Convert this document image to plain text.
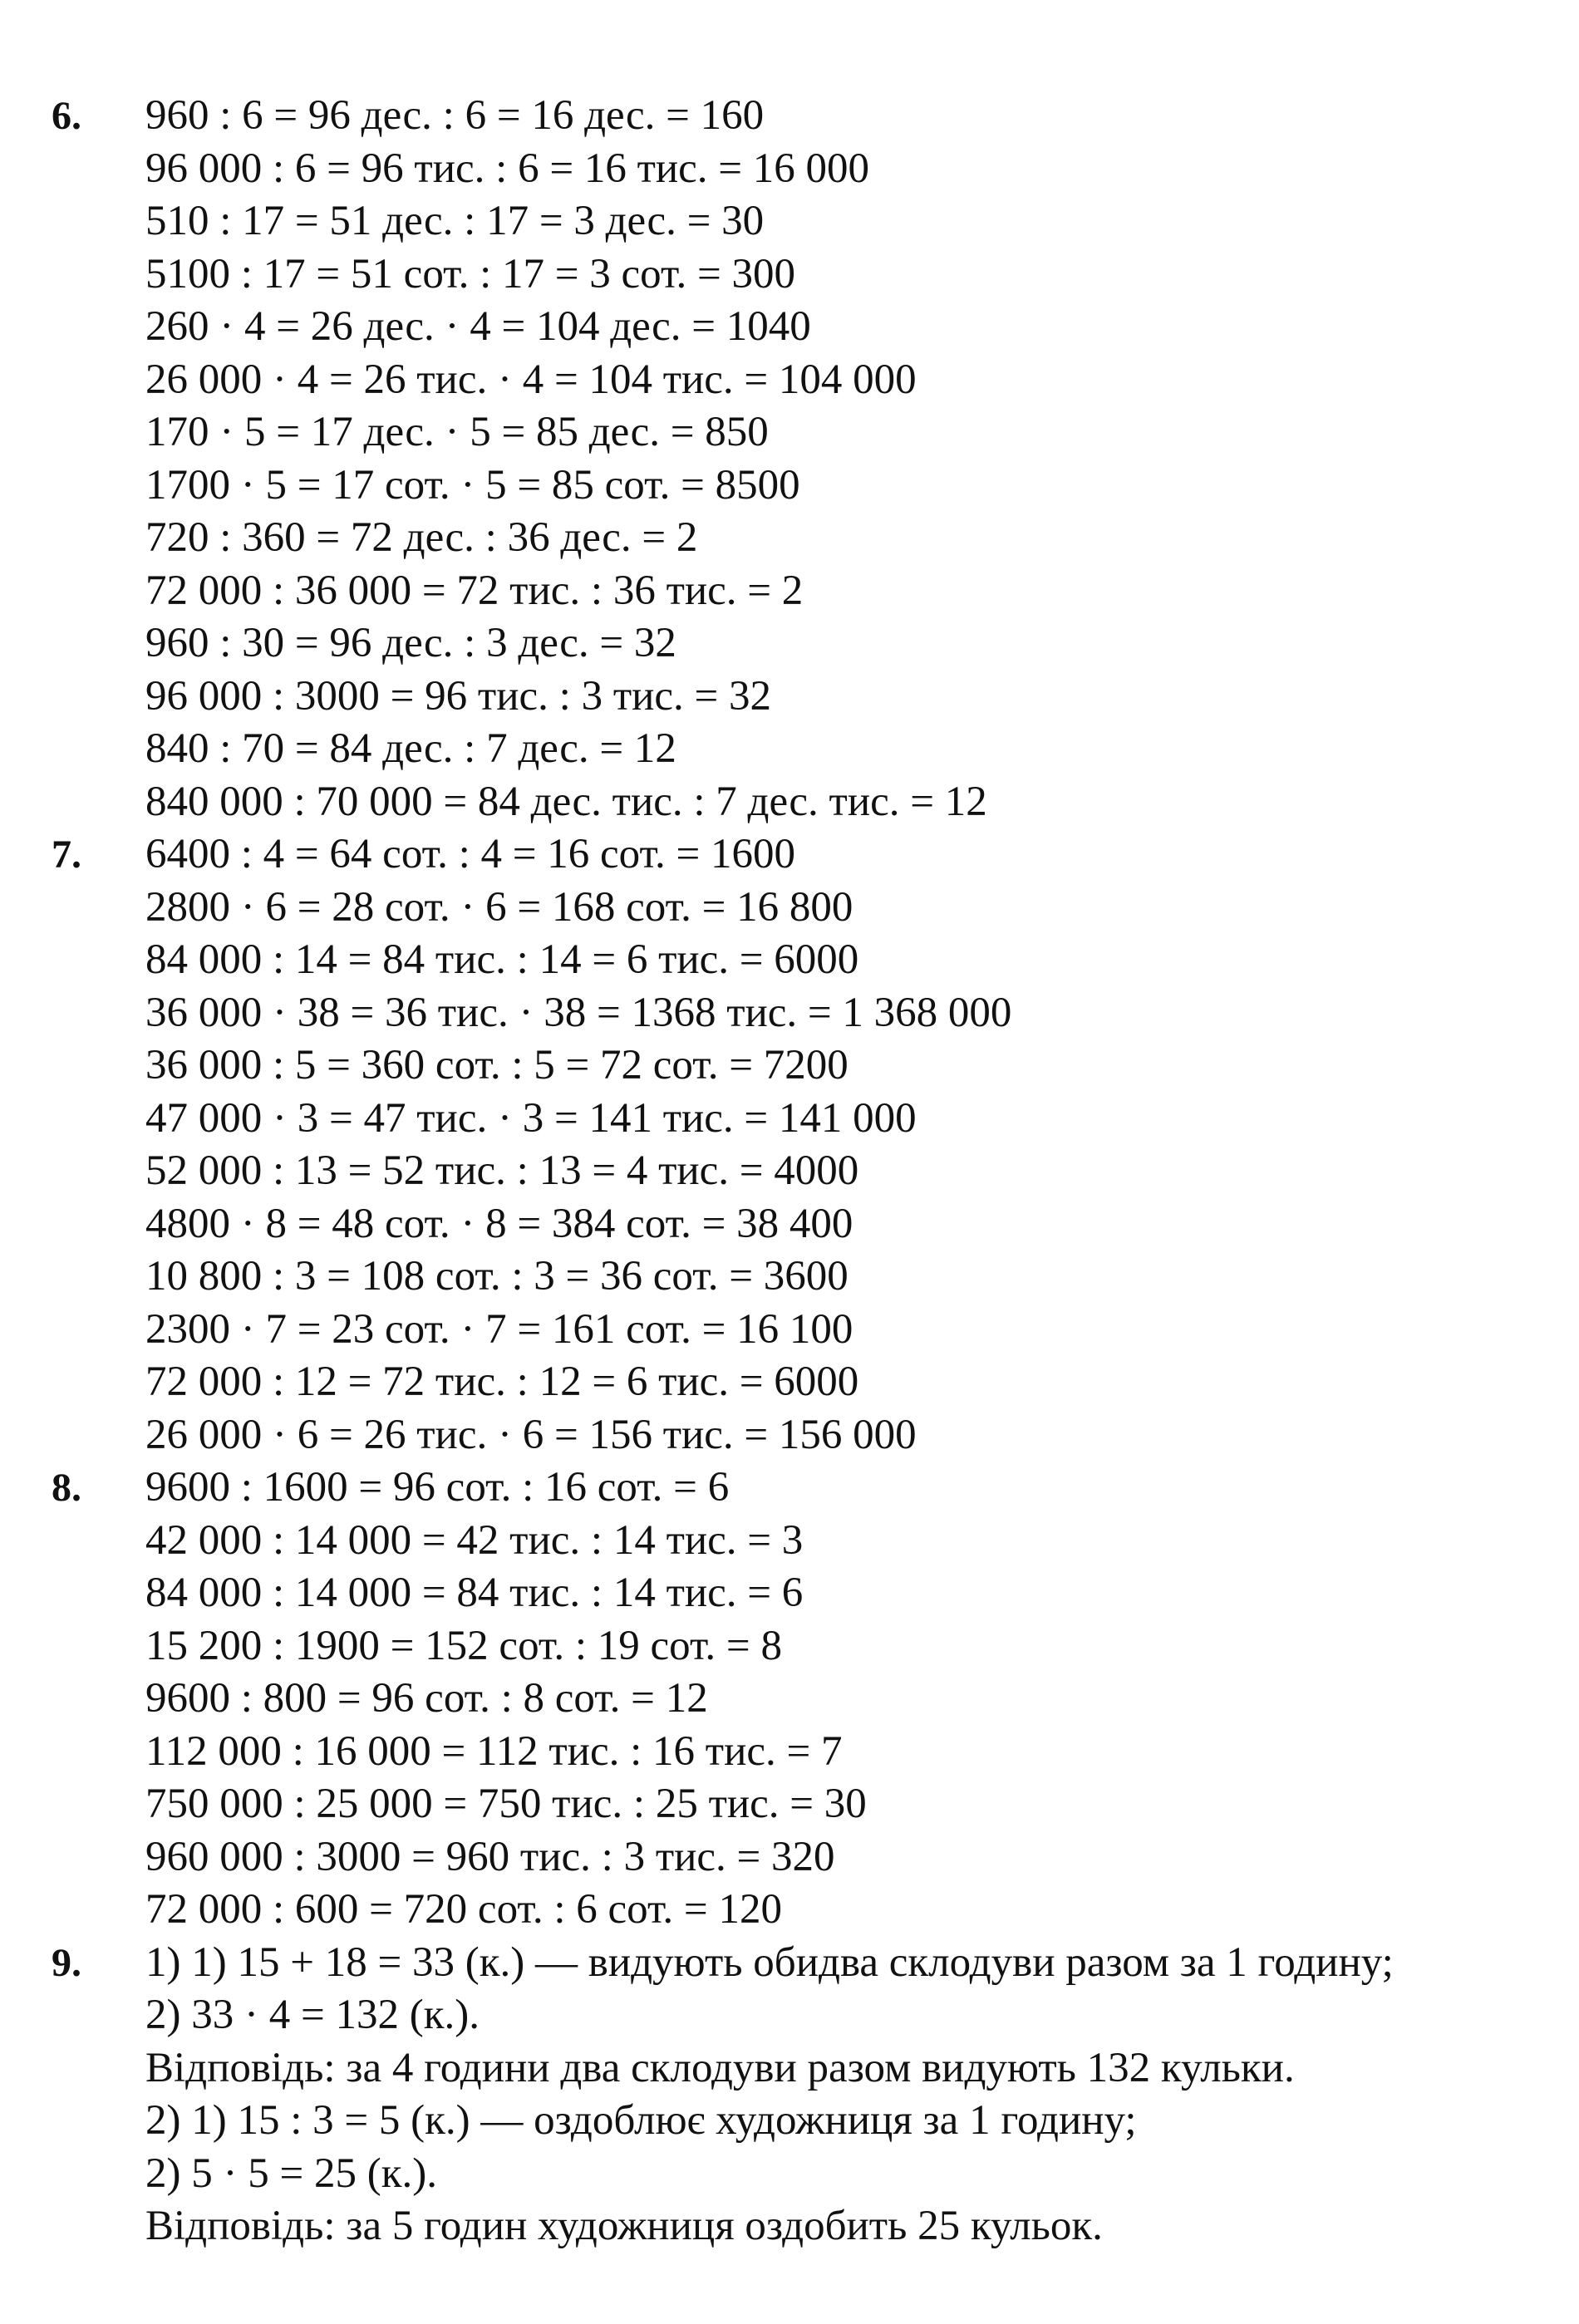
6. 960 : 6 = 96 дес. : 6 = 16 дес. = 160
96 000 : 6 = 96 тис. : 6 = 16 тис. = 16 000
510 : 17 = 51 дес. : 17 = 3 дес. = 30
5100 : 17 = 51 сот. : 17 = 3 сот. = 300
260 · 4 = 26 дес. · 4 = 104 дес. = 1040
26 000 · 4 = 26 тис. · 4 = 104 тис. = 104 000
170 · 5 = 17 дес. · 5 = 85 дес. = 850
1700 · 5 = 17 сот. · 5 = 85 сот. = 8500
720 : 360 = 72 дес. : 36 дес. = 2
72 000 : 36 000 = 72 тис. : 36 тис. = 2
960 : 30 = 96 дес. : 3 дес. = 32
96 000 : 3000 = 96 тис. : 3 тис. = 32
840 : 70 = 84 дес. : 7 дес. = 12
840 000 : 70 000 = 84 дес. тис. : 7 дес. тис. = 12
7. 6400 : 4 = 64 сот. : 4 = 16 сот. = 1600
2800 · 6 = 28 сот. · 6 = 168 сот. = 16 800
84 000 : 14 = 84 тис. : 14 = 6 тис. = 6000
36 000 · 38 = 36 тис. · 38 = 1368 тис. = 1 368 000
36 000 : 5 = 360 сот. : 5 = 72 сот. = 7200
47 000 · 3 = 47 тис. · 3 = 141 тис. = 141 000
52 000 : 13 = 52 тис. : 13 = 4 тис. = 4000
4800 · 8 = 48 сот. · 8 = 384 сот. = 38 400
10 800 : 3 = 108 сот. : 3 = 36 сот. = 3600
2300 · 7 = 23 сот. · 7 = 161 сот. = 16 100
72 000 : 12 = 72 тис. : 12 = 6 тис. = 6000
26 000 · 6 = 26 тис. · 6 = 156 тис. = 156 000
8. 9600 : 1600 = 96 сот. : 16 сот. = 6
42 000 : 14 000 = 42 тис. : 14 тис. = 3
84 000 : 14 000 = 84 тис. : 14 тис. = 6
15 200 : 1900 = 152 сот. : 19 сот. = 8
9600 : 800 = 96 сот. : 8 сот. = 12
112 000 : 16 000 = 112 тис. : 16 тис. = 7
750 000 : 25 000 = 750 тис. : 25 тис. = 30
960 000 : 3000 = 960 тис. : 3 тис. = 320
72 000 : 600 = 720 сот. : 6 сот. = 120
9. 1) 1) 15 + 18 = 33 (к.) — видують обидва склодуви разом за 1 годину;
2) 33 · 4 = 132 (к.).
Відповідь: за 4 години два склодуви разом видують 132 кульки.
2) 1) 15 : 3 = 5 (к.) — оздоблює художниця за 1 годину;
2) 5 · 5 = 25 (к.).
Відповідь: за 5 годин художниця оздобить 25 кульок.
